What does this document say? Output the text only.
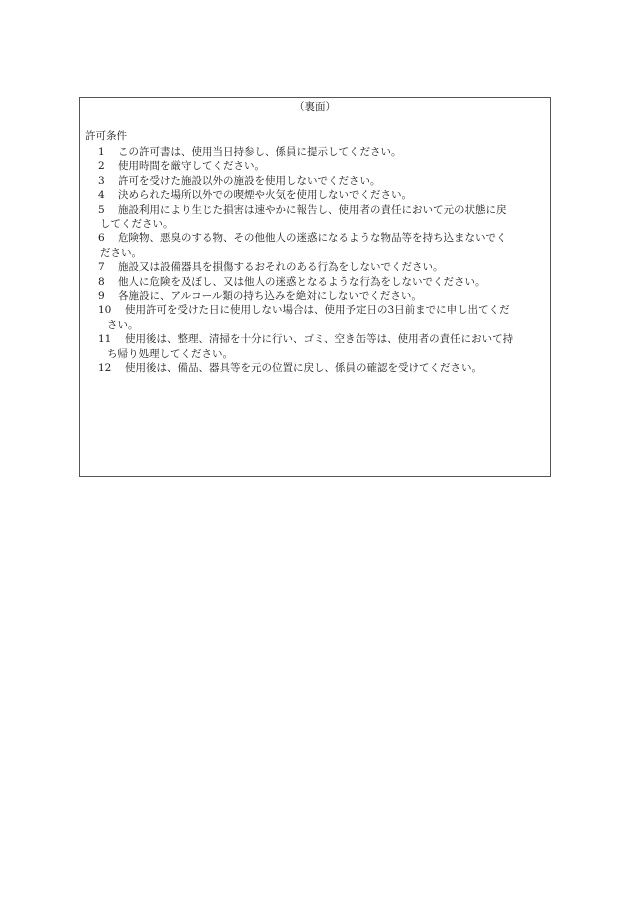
（裏面）
許可条件
1 この許可書は、使用当日持参し、係員に提示してください。
2 使用時間を厳守してください。
3 許可を受けた施設以外の施設を使用しないでください。
4 決められた場所以外での喫煙や火気を使用しないでください。
5 施設利用により生じた損害は速やかに報告し、使用者の責任において元の状態に戻
してください。
6 危険物、悪臭のする物、その他他人の迷惑になるような物品等を持ち込まないでく
ださい。
7 施設又は設備器具を損傷するおそれのある行為をしないでください。
8 他人に危険を及ぼし、又は他人の迷惑となるような行為をしないでください。
9 各施設に、アルコール類の持ち込みを絶対にしないでください。
10 使用許可を受けた日に使用しない場合は、使用予定日の3日前までに申し出てくだ
さい。
11 使用後は、整理、清掃を十分に行い、ゴミ、空き缶等は、使用者の責任において持
ち帰り処理してください。
12 使用後は、備品、器具等を元の位置に戻し、係員の確認を受けてください。
